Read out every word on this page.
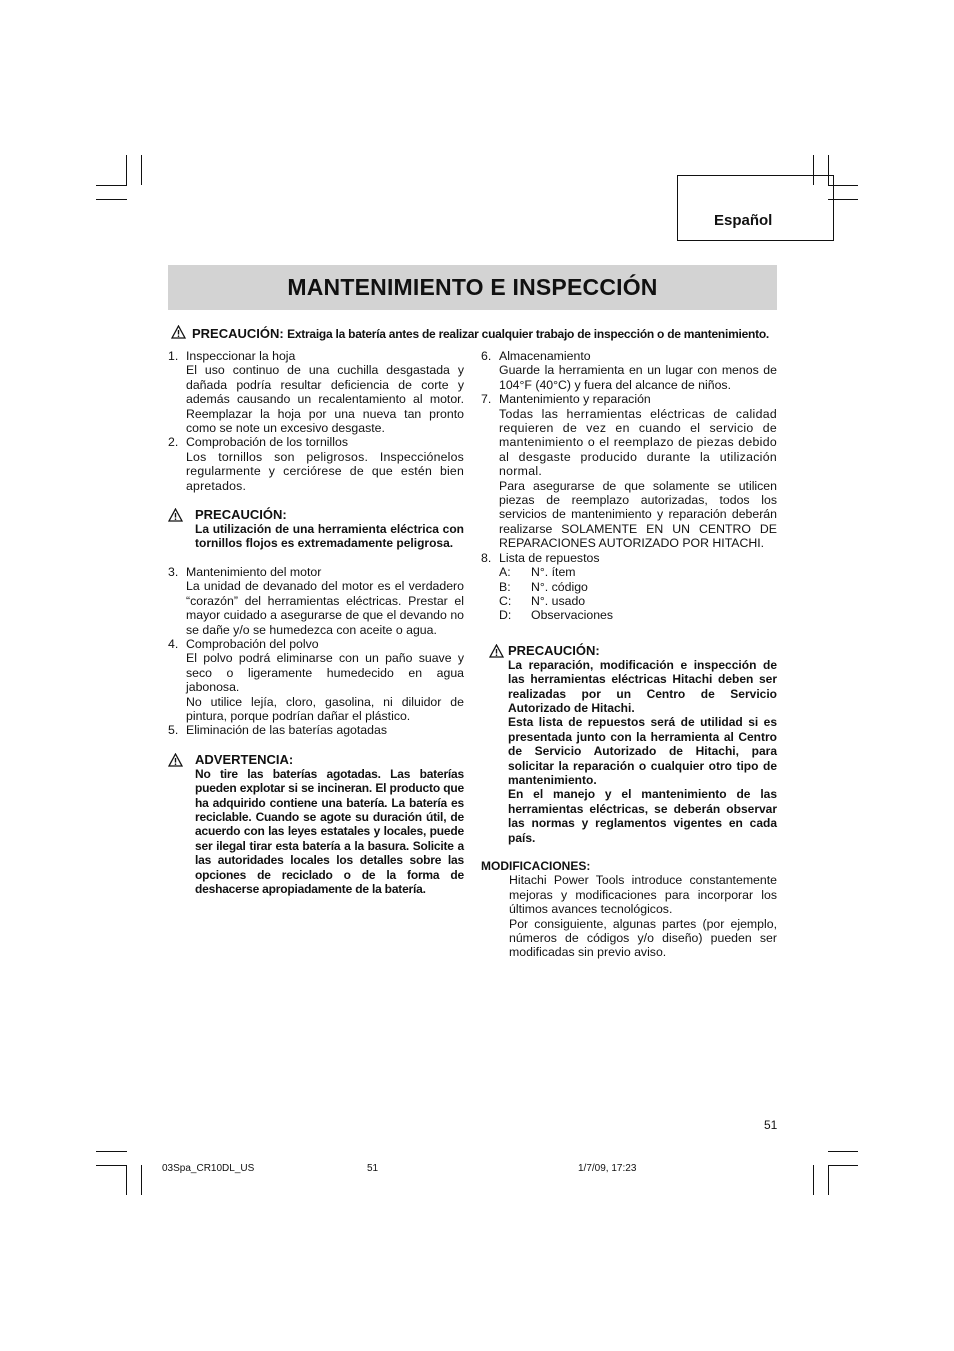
Español
MANTENIMIENTO E INSPECCIÓN
PRECAUCIÓN: Extraiga la batería antes de realizar cualquier trabajo de inspección o de mantenimiento.
1. Inspeccionar la hoja
El uso continuo de una cuchilla desgastada y dañada podría resultar deficiencia de corte y además causando un recalentamiento al motor. Reemplazar la hoja por una nueva tan pronto como se note un excesivo desgaste.
2. Comprobación de los tornillos
Los tornillos son peligrosos. Inspecciónelos regularmente y cerciórese de que estén bien apretados.
PRECAUCIÓN:
La utilización de una herramienta eléctrica con tornillos flojos es extremadamente peligrosa.
3. Mantenimiento del motor
La unidad de devanado del motor es el verdadero “corazón” del herramientas eléctricas. Prestar el mayor cuidado a asegurarse de que el devando no se dañe y/o se humedezca con aceite o agua.
4. Comprobación del polvo
El polvo podrá eliminarse con un paño suave y seco o ligeramente humedecido en agua jabonosa.
No utilice lejía, cloro, gasolina, ni diluidor de pintura, porque podrían dañar el plástico.
5. Eliminación de las baterías agotadas
ADVERTENCIA:
No tire las baterías agotadas. Las baterías pueden explotar si se incineran. El producto que ha adquirido contiene una batería. La batería es reciclable. Cuando se agote su duración útil, de acuerdo con las leyes estatales y locales, puede ser ilegal tirar esta batería a la basura. Solicite a las autoridades locales los detalles sobre las opciones de reciclado o de la forma de deshacerse apropiadamente de la batería.
6. Almacenamiento
Guarde la herramienta en un lugar con menos de 104°F (40°C) y fuera del alcance de niños.
7. Mantenimiento y reparación
Todas las herramientas eléctricas de calidad requieren de vez en cuando el servicio de mantenimiento o el reemplazo de piezas debido al desgaste producido durante la utilización normal.
Para asegurarse de que solamente se utilicen piezas de reemplazo autorizadas, todos los servicios de mantenimiento y reparación deberán realizarse SOLAMENTE EN UN CENTRO DE REPARACIONES AUTORIZADO POR HITACHI.
8. Lista de repuestos
A: N°. ítem
B: N°. código
C: N°. usado
D: Observaciones
PRECAUCIÓN:
La reparación, modificación e inspección de las herramientas eléctricas Hitachi deben ser realizadas por un Centro de Servicio Autorizado de Hitachi.
Esta lista de repuestos será de utilidad si es presentada junto con la herramienta al Centro de Servicio Autorizado de Hitachi, para solicitar la reparación o cualquier otro tipo de mantenimiento.
En el manejo y el mantenimiento de las herramientas eléctricas, se deberán observar las normas y reglamentos vigentes en cada país.
MODIFICACIONES:
Hitachi Power Tools introduce constantemente mejoras y modificaciones para incorporar los últimos avances tecnológicos.
Por consiguiente, algunas partes (por ejemplo, números de códigos y/o diseño) pueden ser modificadas sin previo aviso.
51
03Spa_CR10DL_US	51	1/7/09, 17:23
